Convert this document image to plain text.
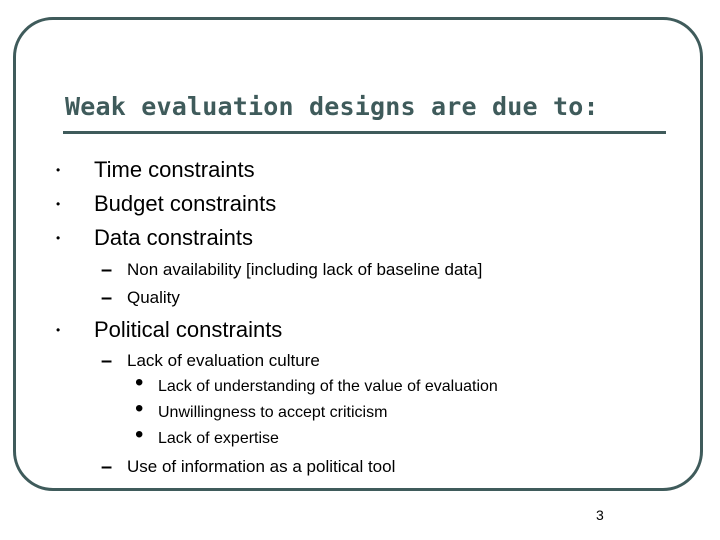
Weak evaluation designs are due to:
• Time constraints
• Budget constraints
• Data constraints
– Non availability [including lack of baseline data]
– Quality
• Political constraints
– Lack of evaluation culture
• Lack of understanding of the value of evaluation
• Unwillingness to accept criticism
• Lack of expertise
– Use of information as a political tool
3
